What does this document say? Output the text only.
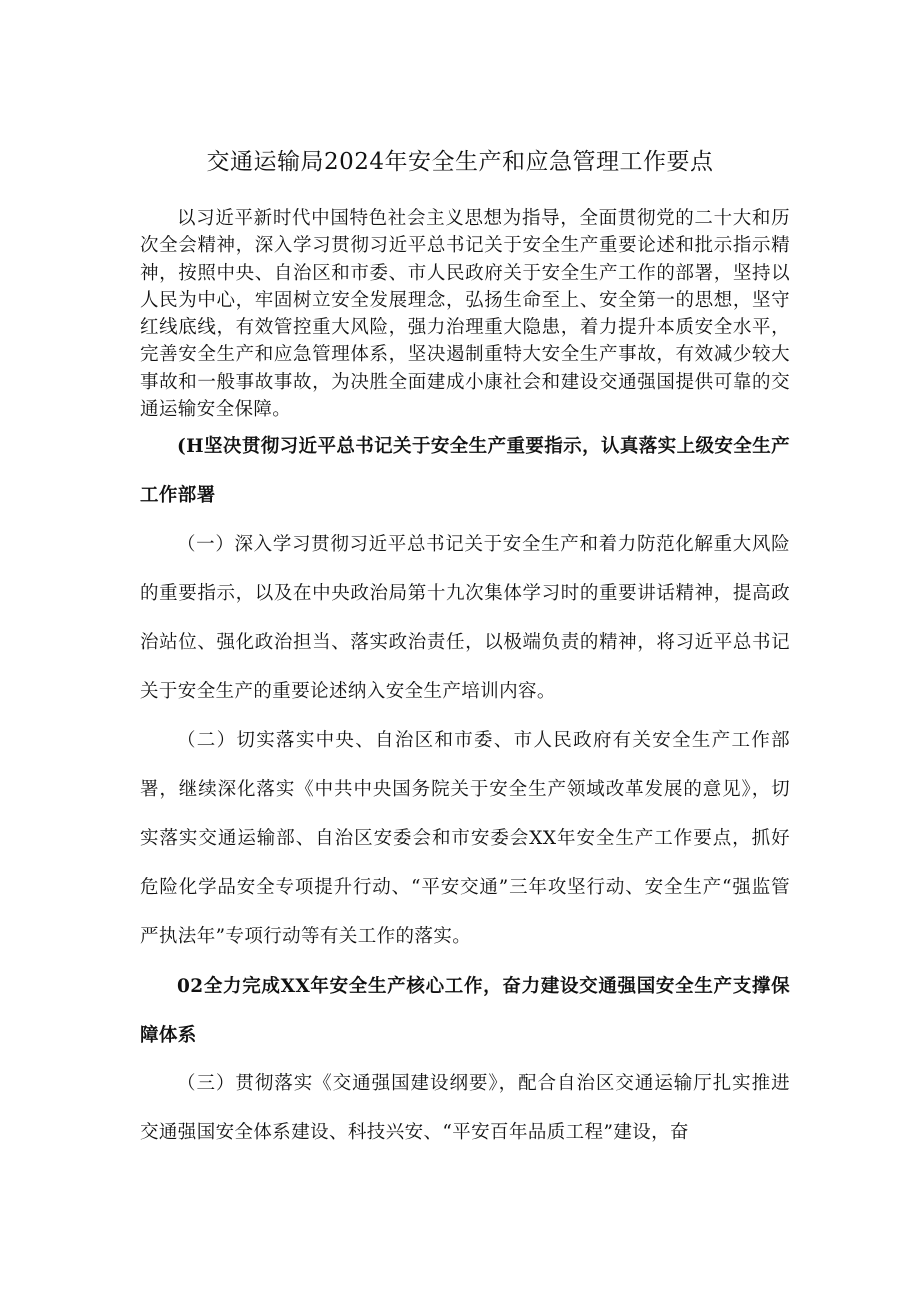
交通运输局2024年安全生产和应急管理工作要点

以习近平新时代中国特色社会主义思想为指导，全面贯彻党的二十大和历次全会精神，深入学习贯彻习近平总书记关于安全生产重要论述和批示指示精神，按照中央、自治区和市委、市人民政府关于安全生产工作的部署，坚持以人民为中心，牢固树立安全发展理念，弘扬生命至上、安全第一的思想，坚守红线底线，有效管控重大风险，强力治理重大隐患，着力提升本质安全水平，完善安全生产和应急管理体系，坚决遏制重特大安全生产事故，有效减少较大事故和一般事故事故，为决胜全面建成小康社会和建设交通强国提供可靠的交通运输安全保障。

(H坚决贯彻习近平总书记关于安全生产重要指示，认真落实上级安全生产工作部署

（一）深入学习贯彻习近平总书记关于安全生产和着力防范化解重大风险的重要指示，以及在中央政治局第十九次集体学习时的重要讲话精神，提高政治站位、强化政治担当、落实政治责任，以极端负责的精神，将习近平总书记关于安全生产的重要论述纳入安全生产培训内容。

（二）切实落实中央、自治区和市委、市人民政府有关安全生产工作部署，继续深化落实《中共中央国务院关于安全生产领域改革发展的意见》，切实落实交通运输部、自治区安委会和市安委会XX年安全生产工作要点，抓好危险化学品安全专项提升行动、“平安交通”三年攻坚行动、安全生产“强监管严执法年”专项行动等有关工作的落实。

02全力完成XX年安全生产核心工作，奋力建设交通强国安全生产支撑保障体系

（三）贯彻落实《交通强国建设纲要》，配合自治区交通运输厅扎实推进交通强国安全体系建设、科技兴安、“平安百年品质工程”建设，奋
